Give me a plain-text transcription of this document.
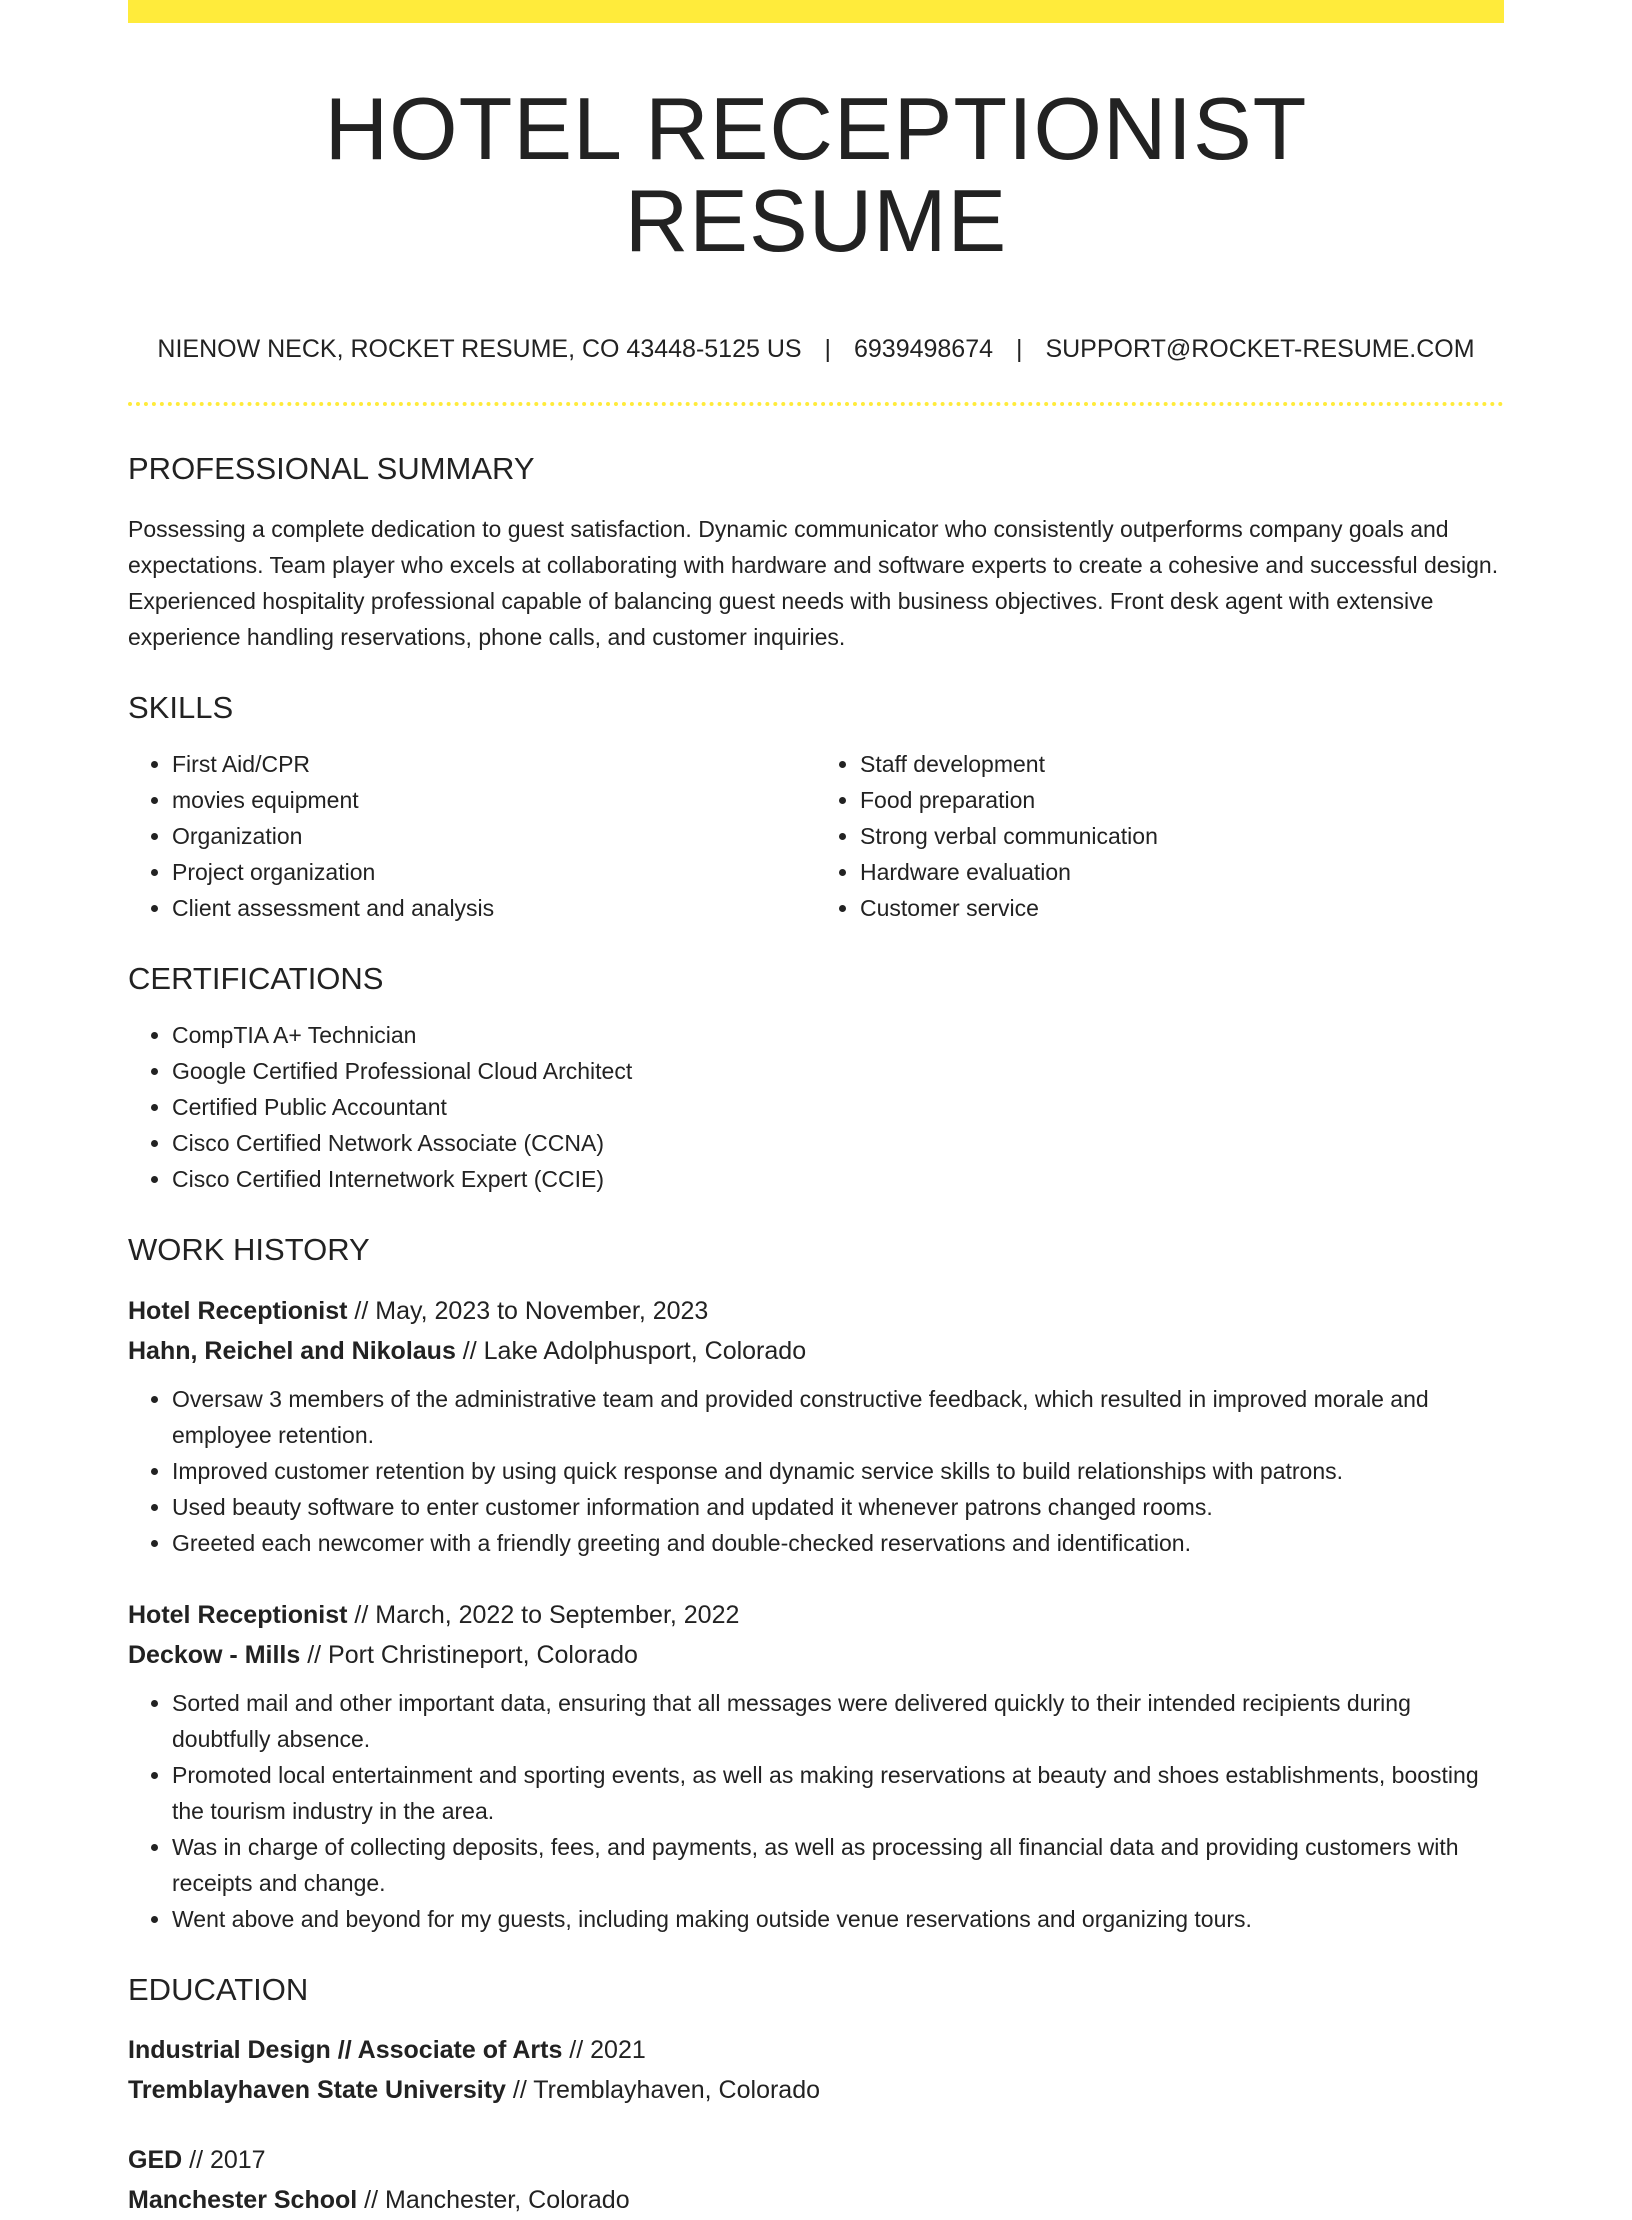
HOTEL RECEPTIONIST RESUME
NIENOW NECK, ROCKET RESUME, CO 43448-5125 US | 6939498674 | SUPPORT@ROCKET-RESUME.COM
PROFESSIONAL SUMMARY

Possessing a complete dedication to guest satisfaction. Dynamic communicator who consistently outperforms company goals and expectations. Team player who excels at collaborating with hardware and software experts to create a cohesive and successful design. Experienced hospitality professional capable of balancing guest needs with business objectives. Front desk agent with extensive experience handling reservations, phone calls, and customer inquiries.

SKILLS
• First Aid/CPR
• movies equipment
• Organization
• Project organization
• Client assessment and analysis
• Staff development
• Food preparation
• Strong verbal communication
• Hardware evaluation
• Customer service
CERTIFICATIONS
• CompTIA A+ Technician
• Google Certified Professional Cloud Architect
• Certified Public Accountant
• Cisco Certified Network Associate (CCNA)
• Cisco Certified Internetwork Expert (CCIE)
WORK HISTORY
Hotel Receptionist // May, 2023 to November, 2023
Hahn, Reichel and Nikolaus // Lake Adolphusport, Colorado
• Oversaw 3 members of the administrative team and provided constructive feedback, which resulted in improved morale and employee retention.
• Improved customer retention by using quick response and dynamic service skills to build relationships with patrons.
• Used beauty software to enter customer information and updated it whenever patrons changed rooms.
• Greeted each newcomer with a friendly greeting and double-checked reservations and identification.
Hotel Receptionist // March, 2022 to September, 2022
Deckow - Mills // Port Christineport, Colorado
• Sorted mail and other important data, ensuring that all messages were delivered quickly to their intended recipients during doubtfully absence.
• Promoted local entertainment and sporting events, as well as making reservations at beauty and shoes establishments, boosting the tourism industry in the area.
• Was in charge of collecting deposits, fees, and payments, as well as processing all financial data and providing customers with receipts and change.
• Went above and beyond for my guests, including making outside venue reservations and organizing tours.
EDUCATION
Industrial Design // Associate of Arts // 2021
Tremblayhaven State University // Tremblayhaven, Colorado
GED // 2017
Manchester School // Manchester, Colorado
